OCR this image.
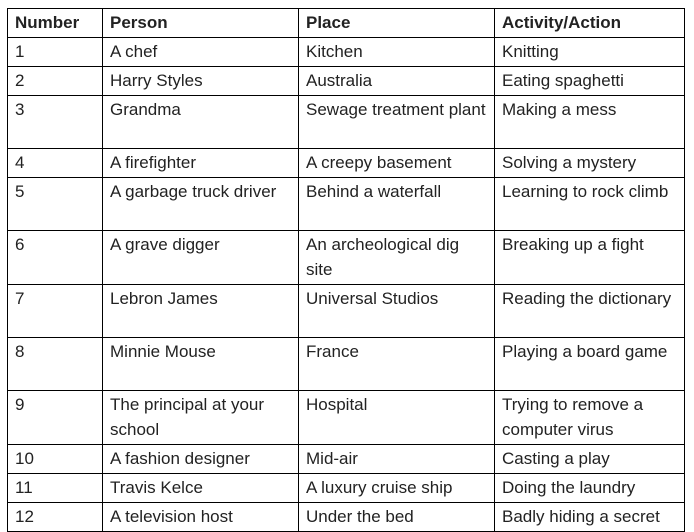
Number	Person	Place	Activity/Action
1	A chef	Kitchen	Knitting
2	Harry Styles	Australia	Eating spaghetti
3	Grandma	Sewage treatment plant	Making a mess
4	A firefighter	A creepy basement	Solving a mystery
5	A garbage truck driver	Behind a waterfall	Learning to rock climb
6	A grave digger	An archeological dig site	Breaking up a fight
7	Lebron James	Universal Studios	Reading the dictionary
8	Minnie Mouse	France	Playing a board game
9	The principal at your school	Hospital	Trying to remove a computer virus
10	A fashion designer	Mid-air	Casting a play
11	Travis Kelce	A luxury cruise ship	Doing the laundry
12	A television host	Under the bed	Badly hiding a secret
